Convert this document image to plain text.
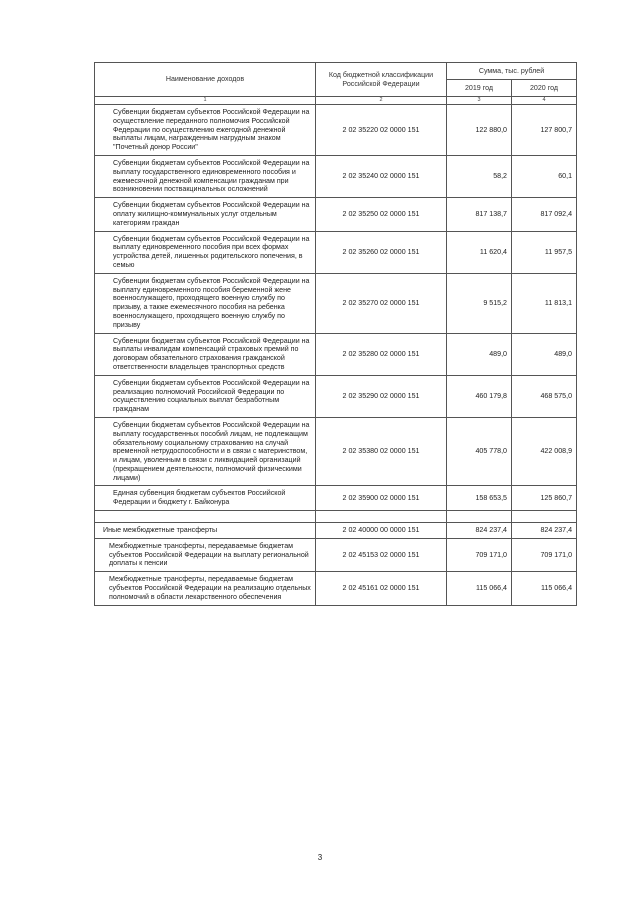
Наименование доходов	Код бюджетной классификации Российской Федерации	Сумма, тыс. рублей	
		2019 год	2020 год
1	2	3	4

Субвенции бюджетам субъектов Российской Федерации на осуществление переданного полномочия Российской Федерации по осуществлению ежегодной денежной выплаты лицам, награжденным нагрудным знаком "Почетный донор России"	2 02 35220 02 0000 151	122 880,0	127 800,7

Субвенции бюджетам субъектов Российской Федерации на выплату государственного единовременного пособия и ежемесячной денежной компенсации гражданам при возникновении поствакцинальных осложнений	2 02 35240 02 0000 151	58,2	60,1

Субвенции бюджетам субъектов Российской Федерации на оплату жилищно-коммунальных услуг отдельным категориям граждан	2 02 35250 02 0000 151	817 138,7	817 092,4

Субвенции бюджетам субъектов Российской Федерации на выплату единовременного пособия при всех формах устройства детей, лишенных родительского попечения, в семью	2 02 35260 02 0000 151	11 620,4	11 957,5

Субвенции бюджетам субъектов Российской Федерации на выплату единовременного пособия беременной жене военнослужащего, проходящего военную службу по призыву, а также ежемесячного пособия на ребенка военнослужащего, проходящего военную службу по призыву	2 02 35270 02 0000 151	9 515,2	11 813,1

Субвенции бюджетам субъектов Российской Федерации на выплаты инвалидам компенсаций страховых премий по договорам обязательного страхования гражданской ответственности владельцев транспортных средств	2 02 35280 02 0000 151	489,0	489,0

Субвенции бюджетам субъектов Российской Федерации на реализацию полномочий Российской Федерации по осуществлению социальных выплат безработным гражданам	2 02 35290 02 0000 151	460 179,8	468 575,0

Субвенции бюджетам субъектов Российской Федерации на выплату государственных пособий лицам, не подлежащим обязательному социальному страхованию на случай временной нетрудоспособности и в связи с материнством, и лицам, уволенным в связи с ликвидацией организаций (прекращением деятельности, полномочий физическими лицами)	2 02 35380 02 0000 151	405 778,0	422 008,9

Единая субвенция бюджетам субъектов Российской Федерации и бюджету г. Байконура	2 02 35900 02 0000 151	158 653,5	125 860,7

Иные межбюджетные трансферты	2 02 40000 00 0000 151	824 237,4	824 237,4

Межбюджетные трансферты, передаваемые бюджетам субъектов Российской Федерации на выплату региональной доплаты к пенсии	2 02 45153 02 0000 151	709 171,0	709 171,0

Межбюджетные трансферты, передаваемые бюджетам субъектов Российской Федерации на реализацию отдельных полномочий в области лекарственного обеспечения	2 02 45161 02 0000 151	115 066,4	115 066,4
3
